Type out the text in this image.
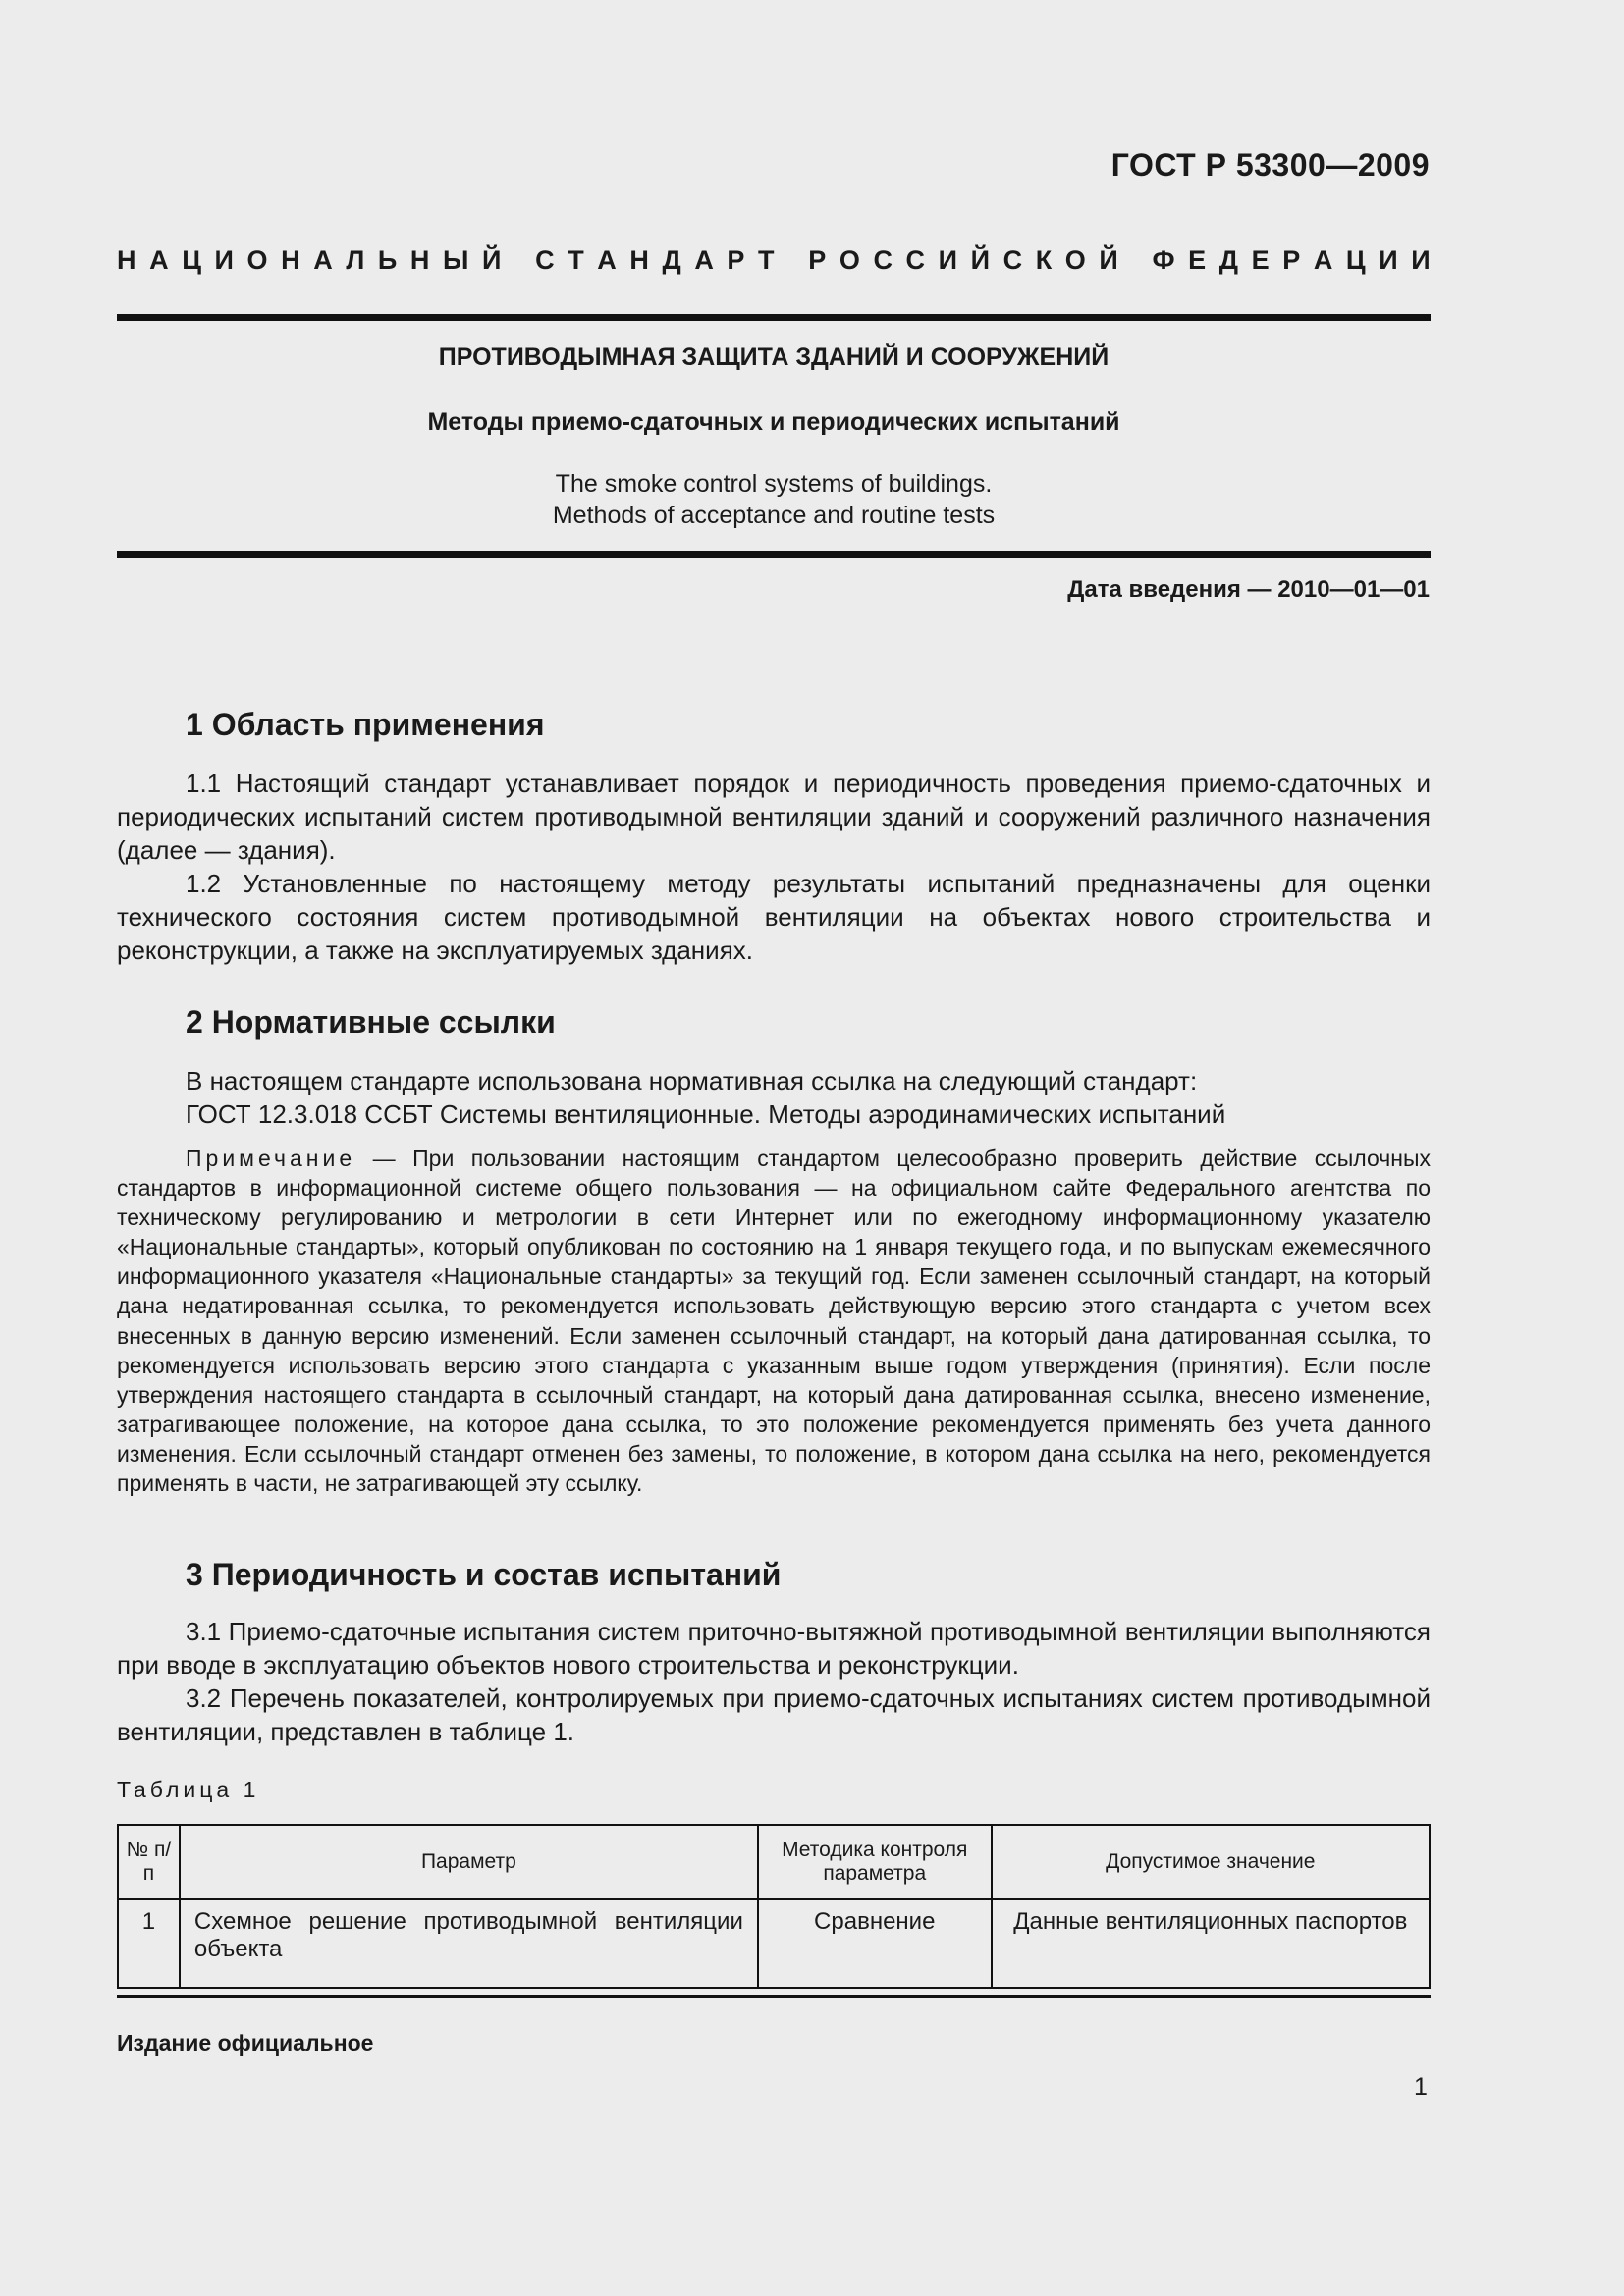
ГОСТ Р 53300—2009
Н А Ц И О Н А Л Ь Н Ы Й
С Т А Н Д А Р Т
Р О С С И Й С К О Й
Ф Е Д Е Р А Ц И И
ПРОТИВОДЫМНАЯ ЗАЩИТА ЗДАНИЙ И СООРУЖЕНИЙ
Методы приемо-сдаточных и периодических испытаний
The smoke control systems of buildings.
Methods of acceptance and routine tests
Дата введения — 2010—01—01
1 Область применения

1.1 Настоящий стандарт устанавливает порядок и периодичность проведения приемо-сдаточных и периодических испытаний систем противодымной вентиляции зданий и сооружений различного назначения (далее — здания).

1.2 Установленные по настоящему методу результаты испытаний предназначены для оценки технического состояния систем противодымной вентиляции на объектах нового строительства и реконструкции, а также на эксплуатируемых зданиях.

2 Нормативные ссылки
В настоящем стандарте использована нормативная ссылка на следующий стандарт:
ГОСТ 12.3.018 ССБТ Системы вентиляционные. Методы аэродинамических испытаний
Примечание — При пользовании настоящим стандартом целесообразно проверить действие ссылочных стандартов в информационной системе общего пользования — на официальном сайте Федерального агентства по техническому регулированию и метрологии в сети Интернет или по ежегодному информационному указателю «Национальные стандарты», который опубликован по состоянию на 1 января текущего года, и по выпускам ежемесячного информационного указателя «Национальные стандарты» за текущий год. Если заменен ссылочный стандарт, на который дана недатированная ссылка, то рекомендуется использовать действующую версию этого стандарта с учетом всех внесенных в данную версию изменений. Если заменен ссылочный стандарт, на который дана датированная ссылка, то рекомендуется использовать версию этого стандарта с указанным выше годом утверждения (принятия). Если после утверждения настоящего стандарта в ссылочный стандарт, на который дана датированная ссылка, внесено изменение, затрагивающее положение, на которое дана ссылка, то это положение рекомендуется применять без учета данного изменения. Если ссылочный стандарт отменен без замены, то положение, в котором дана ссылка на него, рекомендуется применять в части, не затрагивающей эту ссылку.
3 Периодичность и состав испытаний

3.1 Приемо-сдаточные испытания систем приточно-вытяжной противодымной вентиляции выполняются при вводе в эксплуатацию объектов нового строительства и реконструкции.

3.2 Перечень показателей, контролируемых при приемо-сдаточных испытаниях систем противодымной вентиляции, представлен в таблице 1.

Таблица 1
№ п/п	Параметр	Методика контроля параметра	Допустимое значение
1	Схемное решение противодымной вентиляции объекта	Сравнение	Данные вентиляционных паспортов
Издание официальное
1
